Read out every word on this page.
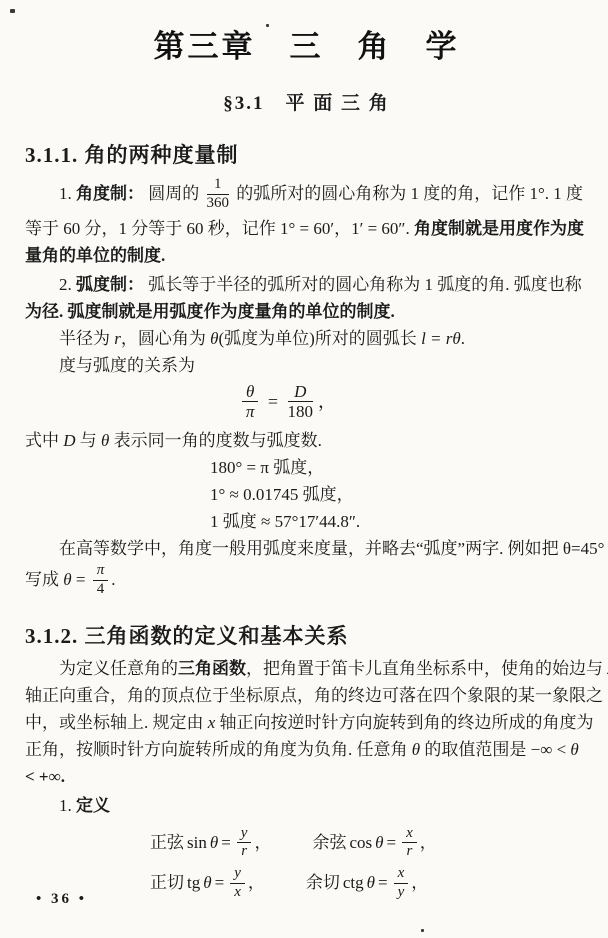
第三章　三　角　学
§3.1　平 面 三 角
3.1.1. 角的两种度量制
1. 角度制： 圆周的 $\frac{1}{360}$ 的弧所对的圆心角称为 1 度的角，记作 1°. 1 度
等于 60 分，1 分等于 60 秒，记作 1° = 60′，1′ = 60″. 角度制就是用度作为度
量角的单位的制度.
2. 弧度制： 弧长等于半径的弧所对的圆心角称为 1 弧度的角. 弧度也称
为径. 弧度制就是用弧度作为度量角的单位的制度.
半径为 r，圆心角为 θ(弧度为单位)所对的圆弧长 l = rθ.
度与弧度的关系为
$\frac{\theta}{\pi} = \frac{D}{180}$ ，
式中 D 与 θ 表示同一角的度数与弧度数.
180° = π 弧度，
1° ≈ 0.01745 弧度，
1 弧度 ≈ 57°17′44.8″.
在高等数学中，角度一般用弧度来度量，并略去“弧度”两字. 例如把 θ=45°
写成 $\theta = \frac{\pi}{4}$ .
3.1.2. 三角函数的定义和基本关系
为定义任意角的三角函数，把角置于笛卡儿直角坐标系中，使角的始边与
轴正向重合，角的顶点位于坐标原点，角的终边可落在四个象限的某一象限之
中，或坐标轴上. 规定由 x 轴正向按逆时针方向旋转到角的终边所成的角度为
正角，按顺时针方向旋转所成的角度为负角. 任意角 θ 的取值范围是 −∞ < θ
< +∞.
1. 定义
正弦 $\sin \theta = \frac{y}{r}$ ， 余弦 $\cos \theta = \frac{x}{r}$ ，
正切 tg $\theta = \frac{y}{x}$ ， 余切 ctg $\theta = \frac{x}{y}$ ，
• 36 •
